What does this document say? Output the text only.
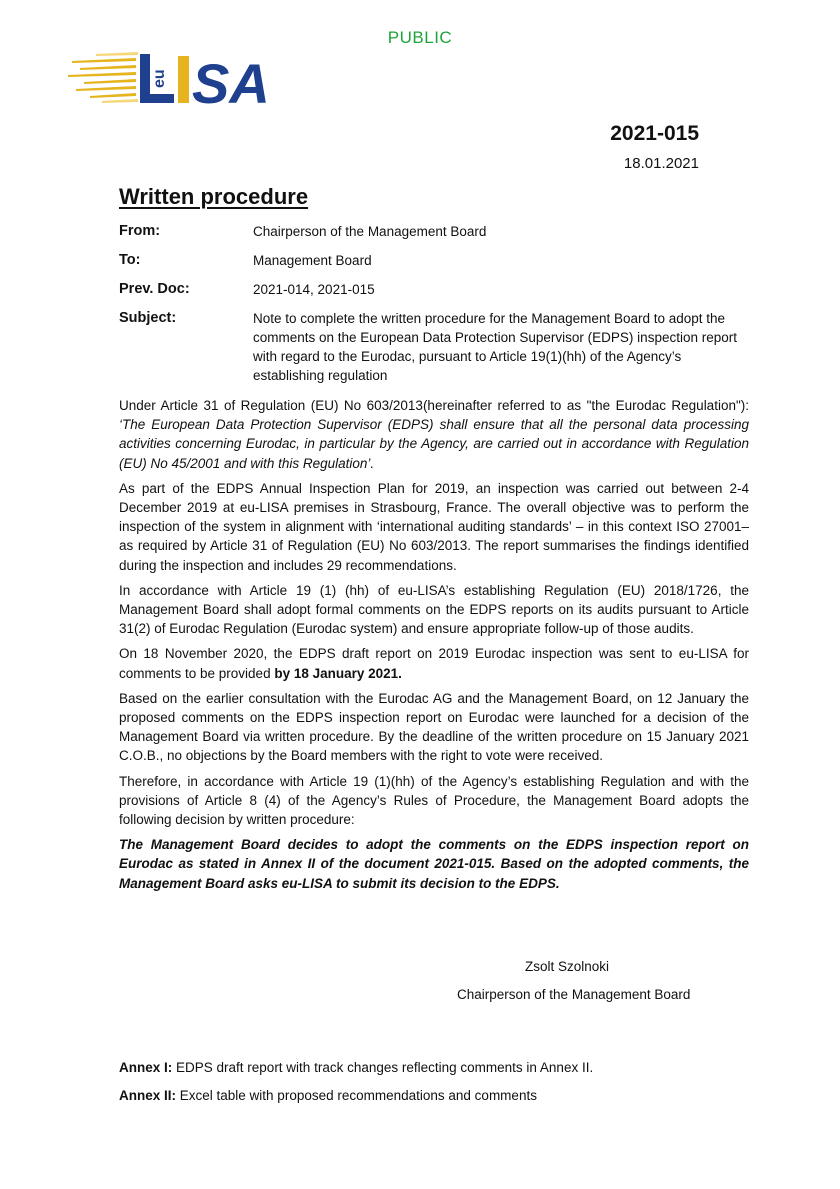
PUBLIC
eu SA
2021-015
18.01.2021
Written procedure
From:	Chairperson of the Management Board
To:	Management Board
Prev. Doc:	2021-014, 2021-015
Subject:	Note to complete the written procedure for the Management Board to adopt the comments on the European Data Protection Supervisor (EDPS) inspection report with regard to the Eurodac, pursuant to Article 19(1)(hh) of the Agency’s establishing regulation

Under Article 31 of Regulation (EU) No 603/2013(hereinafter referred to as "the Eurodac Regulation"): ‘The European Data Protection Supervisor (EDPS) shall ensure that all the personal data processing activities concerning Eurodac, in particular by the Agency, are carried out in accordance with Regulation (EU) No 45/2001 and with this Regulation’.

As part of the EDPS Annual Inspection Plan for 2019, an inspection was carried out between 2-4 December 2019 at eu-LISA premises in Strasbourg, France. The overall objective was to perform the inspection of the system in alignment with ‘international auditing standards’ – in this context ISO 27001– as required by Article 31 of Regulation (EU) No 603/2013. The report summarises the findings identified during the inspection and includes 29 recommendations.

In accordance with Article 19 (1) (hh) of eu-LISA’s establishing Regulation (EU) 2018/1726, the Management Board shall adopt formal comments on the EDPS reports on its audits pursuant to Article 31(2) of Eurodac Regulation (Eurodac system) and ensure appropriate follow-up of those audits.

On 18 November 2020, the EDPS draft report on 2019 Eurodac inspection was sent to eu-LISA for comments to be provided by 18 January 2021.

Based on the earlier consultation with the Eurodac AG and the Management Board, on 12 January the proposed comments on the EDPS inspection report on Eurodac were launched for a decision of the Management Board via written procedure. By the deadline of the written procedure on 15 January 2021 C.O.B., no objections by the Board members with the right to vote were received.

Therefore, in accordance with Article 19 (1)(hh) of the Agency’s establishing Regulation and with the provisions of Article 8 (4) of the Agency’s Rules of Procedure, the Management Board adopts the following decision by written procedure:

The Management Board decides to adopt the comments on the EDPS inspection report on Eurodac as stated in Annex II of the document 2021-015. Based on the adopted comments, the Management Board asks eu-LISA to submit its decision to the EDPS.

Zsolt Szolnoki
Chairperson of the Management Board
Annex I: EDPS draft report with track changes reflecting comments in Annex II.
Annex II: Excel table with proposed recommendations and comments
